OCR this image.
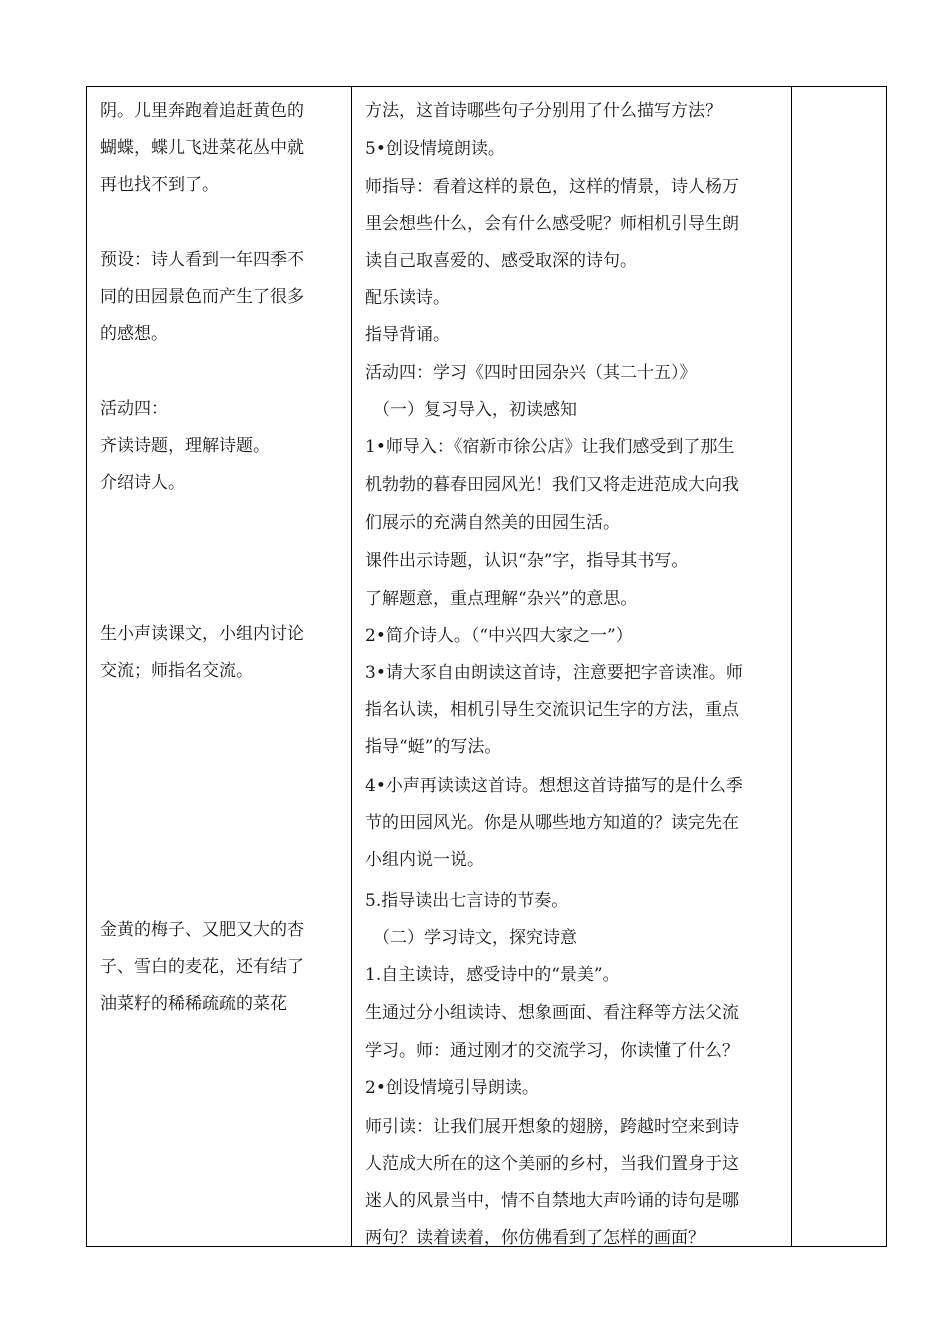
阴。儿里奔跑着追赶黄色的
蝴蝶，蝶儿飞进菜花丛中就
再也找不到了。
预设：诗人看到一年四季不
同的田园景色而产生了很多
的感想。
活动四：
齐读诗题，理解诗题。
介绍诗人。
生小声读课文，小组内讨论
交流；师指名交流。
金黄的梅子、又肥又大的杏
子、雪白的麦花，还有结了
油菜籽的稀稀疏疏的菜花
方法，这首诗哪些句子分别用了什么描写方法？
5•创设情境朗读。
师指导：看着这样的景色，这样的情景，诗人杨万
里会想些什么，会有什么感受呢？师相机引导生朗
读自己取喜爱的、感受取深的诗句。
配乐读诗。
指导背诵。
活动四：学习《四时田园杂兴（其二十五）》
（一）复习导入，初读感知
1•师导入：《宿新市徐公店》让我们感受到了那生
机勃勃的暮春田园风光！我们又将走进范成大向我
们展示的充满自然美的田园生活。
课件出示诗题，认识“杂”字，指导其书写。
了解题意，重点理解“杂兴”的意思。
2•简介诗人。（“中兴四大家之一”）
3•请大豕自由朗读这首诗，注意要把字音读准。师
指名认读，相机引导生交流识记生字的方法，重点
指导“蜓”的写法。
4•小声再读读这首诗。想想这首诗描写的是什么季
节的田园风光。你是从哪些地方知道的？读完先在
小组内说一说。
5.指导读出七言诗的节奏。
（二）学习诗文，探究诗意
1.自主读诗，感受诗中的“景美”。
生通过分小组读诗、想象画面、看注释等方法父流
学习。师：通过刚才的交流学习，你读懂了什么？
2•创设情境引导朗读。
师引读：让我们展开想象的翅膀，跨越时空来到诗
人范成大所在的这个美丽的乡村，当我们置身于这
迷人的风景当中，情不自禁地大声吟诵的诗句是哪
两句？读着读着，你仿佛看到了怎样的画面？
